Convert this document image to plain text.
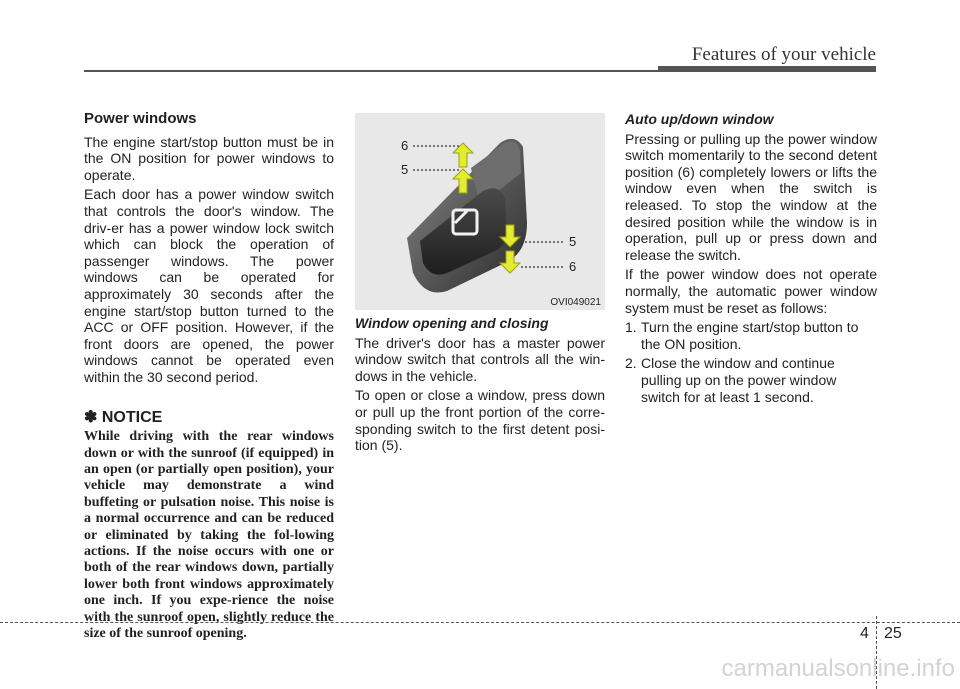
Features of your vehicle
Power windows

The engine start/stop button must be in the ON position for power windows to operate.

Each door has a power window switch that controls the door's window. The driv-er has a power window lock switch which can block the operation of passenger windows. The power windows can be operated for approximately 30 seconds after the engine start/stop button turned to the ACC or OFF position. However, if the front doors are opened, the power windows cannot be operated even within the 30 second period.

✽ NOTICE

While driving with the rear windows down or with the sunroof (if equipped) in an open (or partially open position), your vehicle may demonstrate a wind buffeting or pulsation noise. This noise is a normal occurrence and can be reduced or eliminated by taking the fol-lowing actions. If the noise occurs with one or both of the rear windows down, partially lower both front windows approximately one inch. If you expe-rience the noise with the sunroof open, slightly reduce the size of the sunroof opening.

6
5
5
6
OVI049021
Window opening and closing

The driver's door has a master power window switch that controls all the win-dows in the vehicle.

To open or close a window, press down or pull up the front portion of the corre-sponding switch to the first detent posi-tion (5).

Auto up/down window

Pressing or pulling up the power window switch momentarily to the second detent position (6) completely lowers or lifts the window even when the switch is released. To stop the window at the desired position while the window is in operation, pull up or press down and release the switch.

If the power window does not operate normally, the automatic power window system must be reset as follows:

1. Turn the engine start/stop button to the ON position.
2. Close the window and continue pulling up on the power window switch for at least 1 second.
4 25
carmanualsonline.info
